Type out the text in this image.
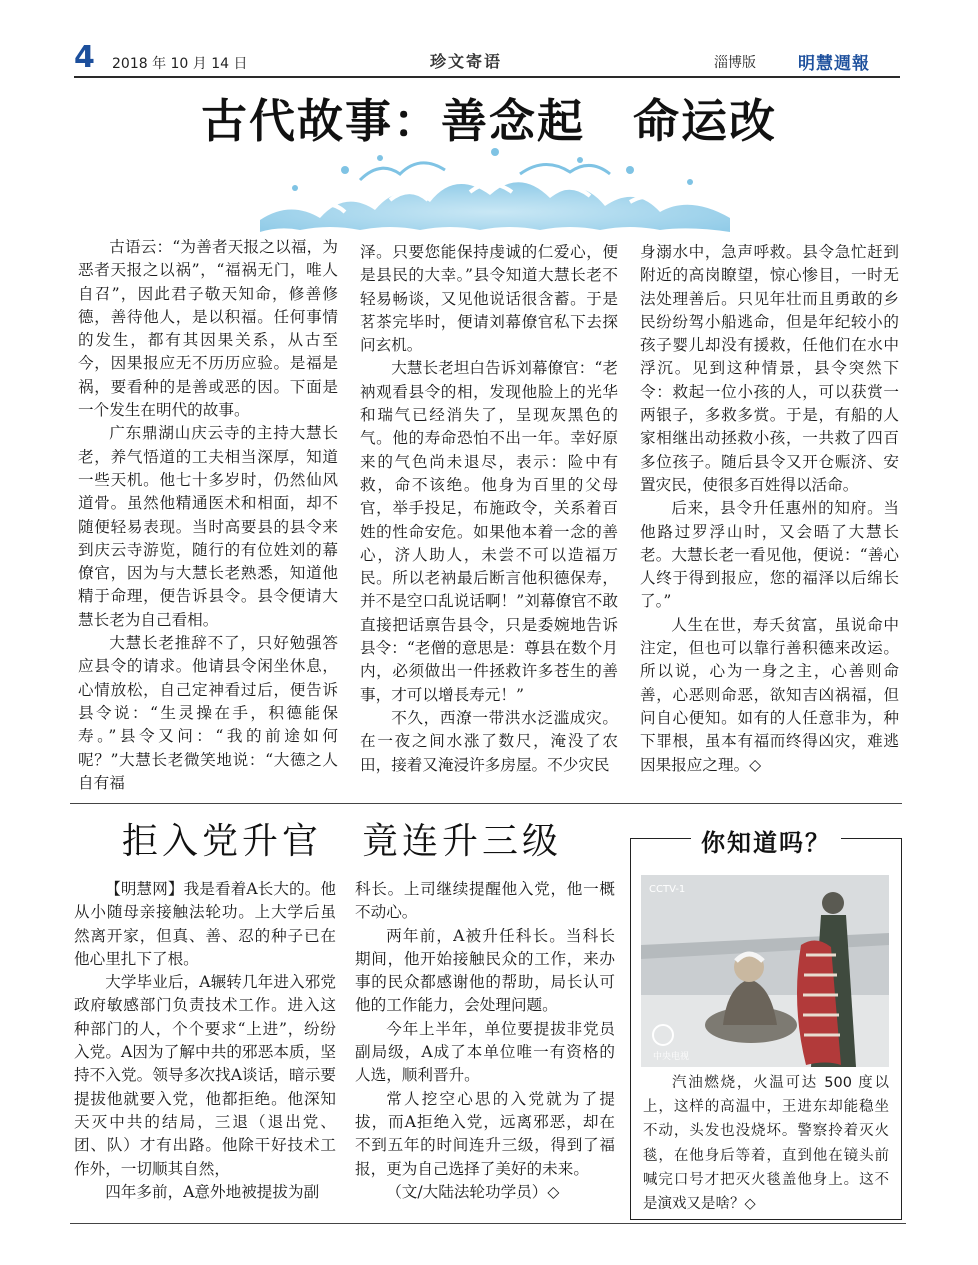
4 2018 年 10 月 14 日	珍文寄语	淄博版 明慧週報
古代故事：善念起　命运改

古语云：“为善者天报之以福，为恶者天报之以祸”，“福祸无门，唯人自召”，因此君子敬天知命，修善修德，善待他人，是以积福。任何事情的发生，都有其因果关系，从古至今，因果报应无不历历应验。是福是祸，要看种的是善或恶的因。下面是一个发生在明代的故事。

广东鼎湖山庆云寺的主持大慧长老，养气悟道的工夫相当深厚，知道一些天机。他七十多岁时，仍然仙风道骨。虽然他精通医术和相面，却不随便轻易表现。当时高要县的县令来到庆云寺游览，随行的有位姓刘的幕僚官，因为与大慧长老熟悉，知道他精于命理，便告诉县令。县令便请大慧长老为自己看相。

大慧长老推辞不了，只好勉强答应县令的请求。他请县令闲坐休息，心情放松，自己定神看过后，便告诉县令说：“生灵操在手，积德能保寿。”县令又问：“我的前途如何呢？”大慧长老微笑地说：“大德之人自有福

泽。只要您能保持虔诚的仁爱心，便是县民的大幸。”县令知道大慧长老不轻易畅谈，又见他说话很含蓄。于是茗茶完毕时，便请刘幕僚官私下去探问玄机。

大慧长老坦白告诉刘幕僚官：“老衲观看县令的相，发现他脸上的光华和瑞气已经消失了，呈现灰黑色的气。他的寿命恐怕不出一年。幸好原来的气色尚未退尽，表示：险中有救，命不该绝。他身为百里的父母官，举手投足，布施政令，关系着百姓的性命安危。如果他本着一念的善心，济人助人，未尝不可以造福万民。所以老衲最后断言他积德保寿，并不是空口乱说话啊！”刘幕僚官不敢直接把话禀告县令，只是委婉地告诉县令：“老僧的意思是：尊县在数个月内，必须做出一件拯救许多苍生的善事，才可以增長寿元！”

不久，西潦一带洪水泛滥成灾。在一夜之间水涨了数尺，淹没了农田，接着又淹浸许多房屋。不少灾民

身溺水中，急声呼救。县令急忙赶到附近的高岗瞭望，惊心惨目，一时无法处理善后。只见年壮而且勇敢的乡民纷纷驾小船逃命，但是年纪较小的孩子婴儿却没有援救，任他们在水中浮沉。见到这种情景，县令突然下令：救起一位小孩的人，可以获赏一两银子，多救多赏。于是，有船的人家相继出动拯救小孩，一共救了四百多位孩子。随后县令又开仓赈济、安置灾民，使很多百姓得以活命。

后来，县令升任惠州的知府。当他路过罗浮山时，又会晤了大慧长老。大慧长老一看见他，便说：“善心人终于得到报应，您的福泽以后绵长了。”

人生在世，寿夭贫富，虽说命中注定，但也可以靠行善积德来改运。所以说，心为一身之主，心善则命善，心恶则命恶，欲知吉凶祸福，但问自心便知。如有的人任意非为，种下罪根，虽本有福而终得凶灾，难逃因果报应之理。◇

拒入党升官　竟连升三级

【明慧网】我是看着A长大的。他从小随母亲接触法轮功。上大学后虽然离开家，但真、善、忍的种子已在他心里扎下了根。

大学毕业后，A辗转几年进入邪党政府敏感部门负责技术工作。进入这种部门的人，个个要求“上进”，纷纷入党。A因为了解中共的邪恶本质，坚持不入党。领导多次找A谈话，暗示要提拔他就要入党，他都拒绝。他深知天灭中共的结局，三退（退出党、团、队）才有出路。他除干好技术工作外，一切顺其自然，

四年多前，A意外地被提拔为副

科长。上司继续提醒他入党，他一概不动心。

两年前，A被升任科长。当科长期间，他开始接触民众的工作，来办事的民众都感谢他的帮助，局长认可他的工作能力，会处理问题。

今年上半年，单位要提拔非党员副局级，A成了本单位唯一有资格的人选，顺利晋升。

常人挖空心思的入党就为了提拔，而A拒绝入党，远离邪恶，却在不到五年的时间连升三级，得到了福报，更为自己选择了美好的未来。

（文/大陆法轮功学员）◇

你知道吗？
CCTV-1
中央电视

汽油燃烧，火温可达 500 度以上，这样的高温中，王进东却能稳坐不动，头发也没烧坏。警察拎着灭火毯，在他身后等着，直到他在镜头前喊完口号才把灭火毯盖他身上。这不是演戏又是啥？◇
